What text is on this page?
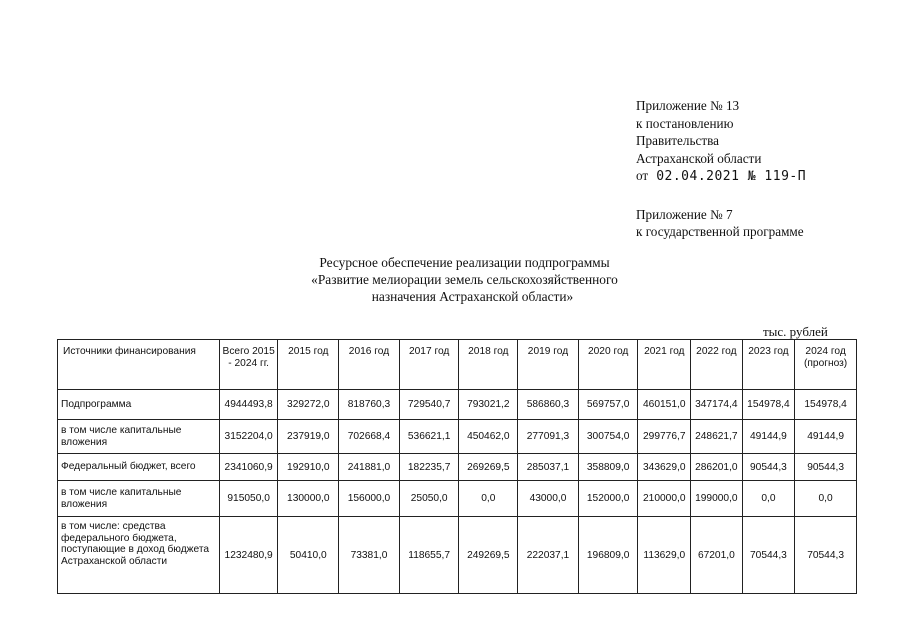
Приложение № 13
к постановлению
Правительства
Астраханской области
от 02.04.2021 № 119-П
Приложение № 7
к государственной программе
Ресурсное обеспечение реализации подпрограммы
«Развитие мелиорации земель сельскохозяйственного
назначения Астраханской области»
тыс. рублей
Источники финансирования	Всего 2015 - 2024 гг.	2015 год	2016 год	2017 год	2018 год	2019 год	2020 год	2021 год	2022 год	2023 год	2024 год (прогноз)
Подпрограмма	4944493,8	329272,0	818760,3	729540,7	793021,2	586860,3	569757,0	460151,0	347174,4	154978,4	154978,4
в том числе капитальные вложения	3152204,0	237919,0	702668,4	536621,1	450462,0	277091,3	300754,0	299776,7	248621,7	49144,9	49144,9
Федеральный бюджет, всего	2341060,9	192910,0	241881,0	182235,7	269269,5	285037,1	358809,0	343629,0	286201,0	90544,3	90544,3
в том числе капитальные вложения	915050,0	130000,0	156000,0	25050,0	0,0	43000,0	152000,0	210000,0	199000,0	0,0	0,0
в том числе: средства федерального бюджета, поступающие в доход бюджета Астраханской области	1232480,9	50410,0	73381,0	118655,7	249269,5	222037,1	196809,0	113629,0	67201,0	70544,3	70544,3
